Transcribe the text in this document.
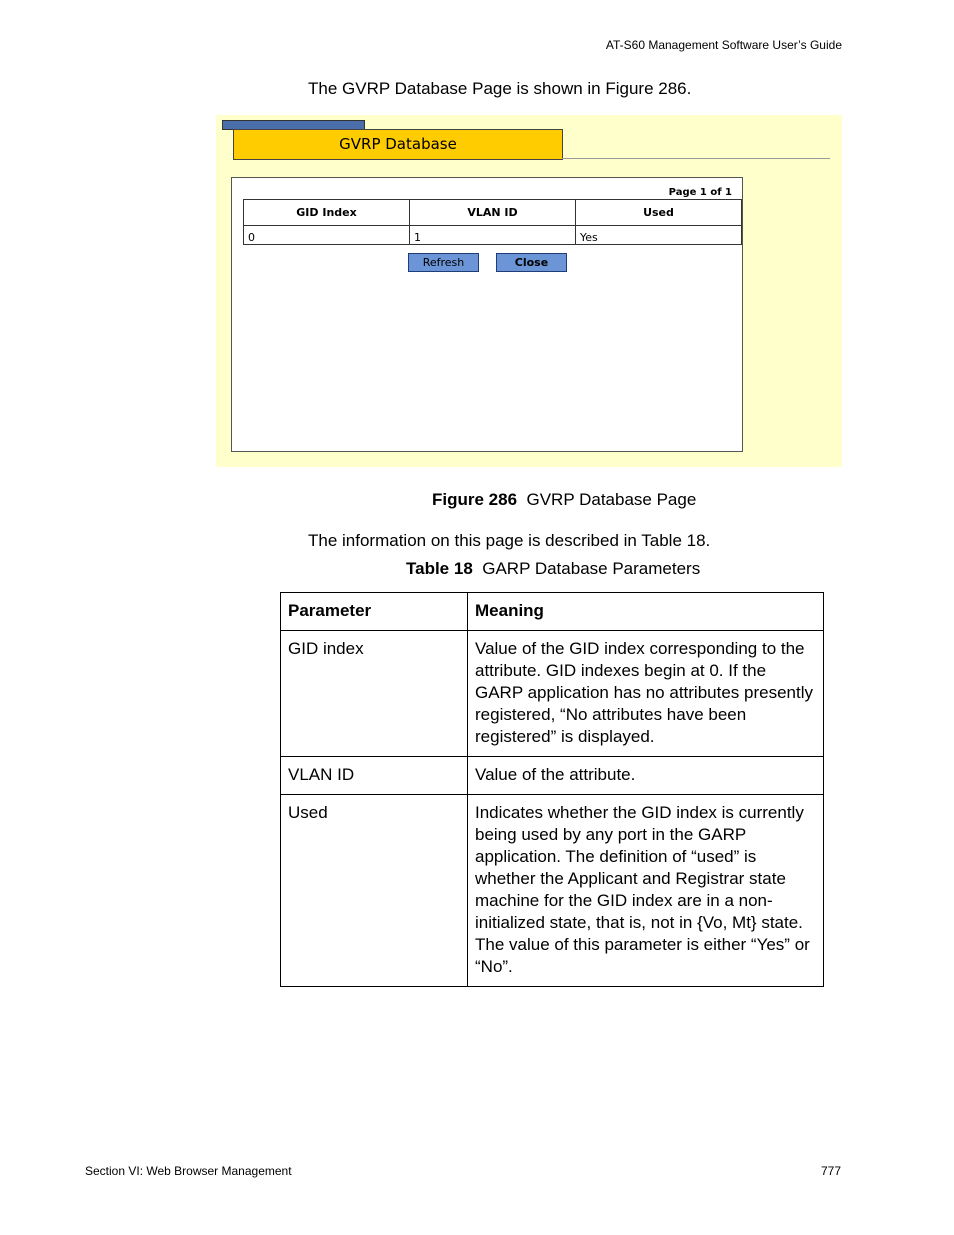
AT-S60 Management Software User’s Guide
The GVRP Database Page is shown in Figure 286.
GVRP Database
Page 1 of 1
GID Index	VLAN ID	Used
0	1	Yes
Refresh	Close
Figure 286 GVRP Database Page
The information on this page is described in Table 18.
Table 18 GARP Database Parameters
Parameter	Meaning
GID index	Value of the GID index corresponding to the attribute. GID indexes begin at 0. If the GARP application has no attributes presently registered, “No attributes have been registered” is displayed.
VLAN ID	Value of the attribute.
Used	Indicates whether the GID index is currently being used by any port in the GARP application. The definition of “used” is whether the Applicant and Registrar state machine for the GID index are in a non-initialized state, that is, not in {Vo, Mt} state. The value of this parameter is either “Yes” or “No”.
Section VI: Web Browser Management	777
